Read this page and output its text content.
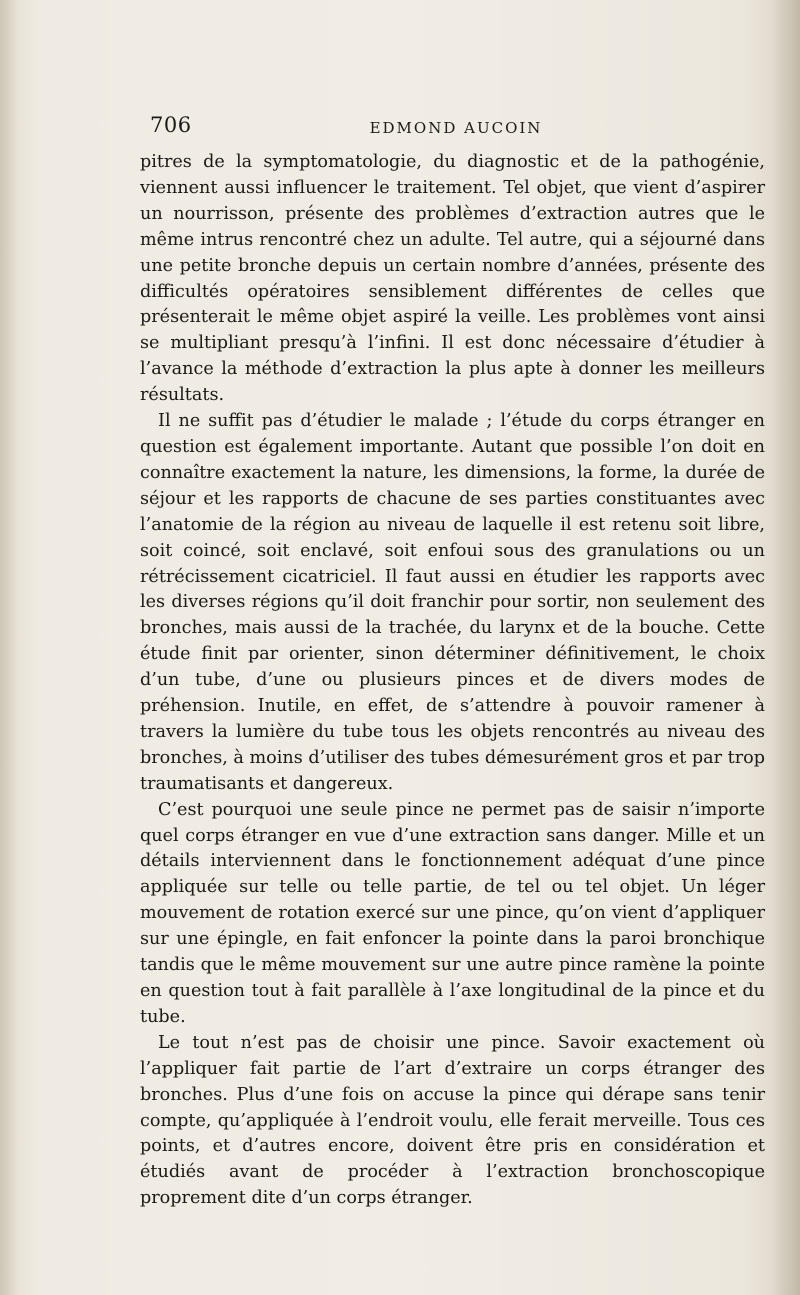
706	EDMOND AUCOIN

pitres de la symptomatologie, du diagnostic et de la pathogénie, viennent aussi influencer le traitement. Tel objet, que vient d’aspirer un nourrisson, présente des problèmes d’extraction autres que le même intrus rencontré chez un adulte. Tel autre, qui a séjourné dans une petite bronche depuis un certain nombre d’années, présente des difficultés opératoires sensiblement différentes de celles que présenterait le même objet aspiré la veille. Les problèmes vont ainsi se multipliant presqu’à l’infini. Il est donc nécessaire d’étudier à l’avance la méthode d’extraction la plus apte à donner les meilleurs résultats.

Il ne suffit pas d’étudier le malade ; l’étude du corps étranger en question est également importante. Autant que possible l’on doit en connaître exactement la nature, les dimensions, la forme, la durée de séjour et les rapports de chacune de ses parties constituantes avec l’anatomie de la région au niveau de laquelle il est retenu soit libre, soit coincé, soit enclavé, soit enfoui sous des granulations ou un rétrécissement cicatriciel. Il faut aussi en étudier les rapports avec les diverses régions qu’il doit franchir pour sortir, non seulement des bronches, mais aussi de la trachée, du larynx et de la bouche. Cette étude finit par orienter, sinon déterminer définitivement, le choix d’un tube, d’une ou plusieurs pinces et de divers modes de préhension. Inutile, en effet, de s’attendre à pouvoir ramener à travers la lumière du tube tous les objets rencontrés au niveau des bronches, à moins d’utiliser des tubes démesurément gros et par trop traumatisants et dangereux.

C’est pourquoi une seule pince ne permet pas de saisir n’importe quel corps étranger en vue d’une extraction sans danger. Mille et un détails interviennent dans le fonctionnement adéquat d’une pince appliquée sur telle ou telle partie, de tel ou tel objet. Un léger mouvement de rotation exercé sur une pince, qu’on vient d’appliquer sur une épingle, en fait enfoncer la pointe dans la paroi bronchique tandis que le même mouvement sur une autre pince ramène la pointe en question tout à fait parallèle à l’axe longitudinal de la pince et du tube.

Le tout n’est pas de choisir une pince. Savoir exactement où l’appliquer fait partie de l’art d’extraire un corps étranger des bronches. Plus d’une fois on accuse la pince qui dérape sans tenir compte, qu’appliquée à l’endroit voulu, elle ferait merveille. Tous ces points, et d’autres encore, doivent être pris en considération et étudiés avant de procéder à l’extraction bronchoscopique proprement dite d’un corps étranger.
